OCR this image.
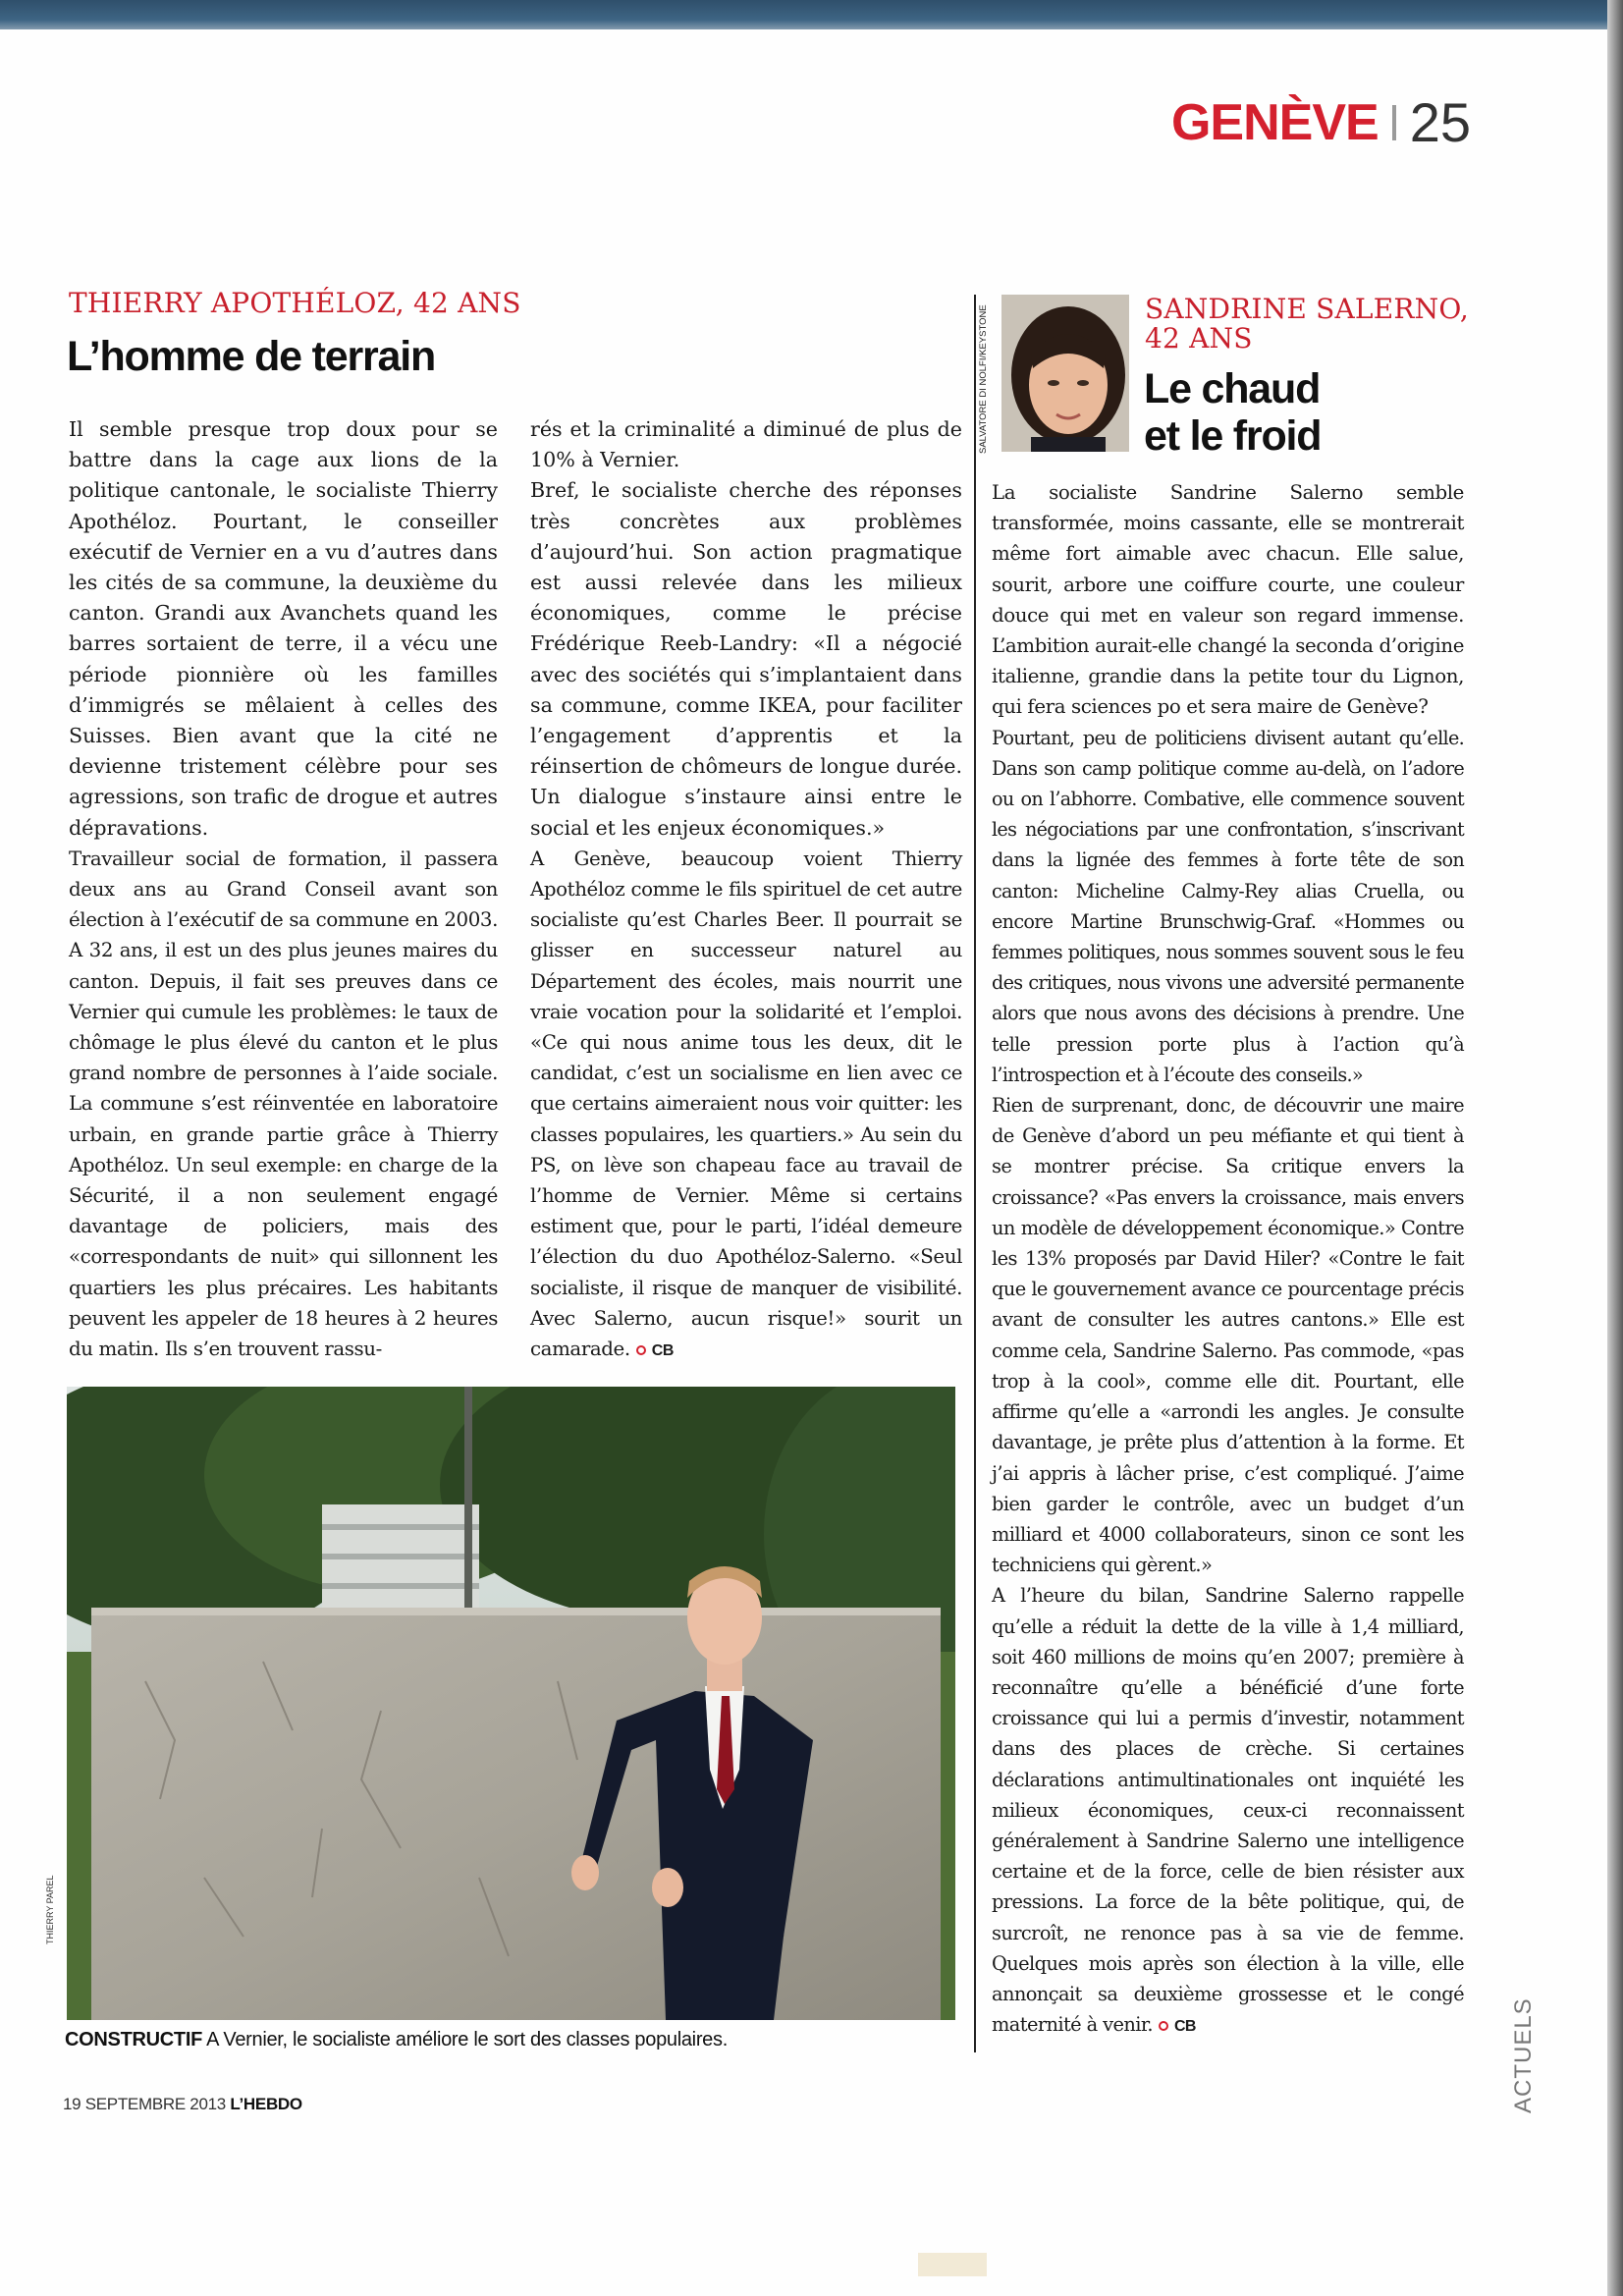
GENÈVE 25
THIERRY APOTHÉLOZ, 42 ANS
L’homme de terrain

Il semble presque trop doux pour se battre dans la cage aux lions de la politique cantonale, le socialiste Thierry Apothéloz. Pourtant, le conseiller exécutif de Vernier en a vu d’autres dans les cités de sa commune, la deuxième du canton. Grandi aux Avanchets quand les barres sortaient de terre, il a vécu une période pionnière où les familles d’immigrés se mêlaient à celles des Suisses. Bien avant que la cité ne devienne tristement célèbre pour ses agressions, son trafic de drogue et autres dépravations.

Travailleur social de formation, il passera deux ans au Grand Conseil avant son élection à l’exécutif de sa commune en 2003. A 32 ans, il est un des plus jeunes maires du canton. Depuis, il fait ses preuves dans ce Vernier qui cumule les problèmes: le taux de chômage le plus élevé du canton et le plus grand nombre de personnes à l’aide sociale. La commune s’est réinventée en laboratoire urbain, en grande partie grâce à Thierry Apothéloz. Un seul exemple: en charge de la Sécurité, il a non seulement engagé davantage de policiers, mais des «correspondants de nuit» qui sillonnent les quartiers les plus précaires. Les habitants peuvent les appeler de 18 heures à 2 heures du matin. Ils s’en trouvent rassu-

rés et la criminalité a diminué de plus de 10% à Vernier.

Bref, le socialiste cherche des réponses très concrètes aux problèmes d’aujourd’hui. Son action pragmatique est aussi relevée dans les milieux économiques, comme le précise Frédérique Reeb-Landry: «Il a négocié avec des sociétés qui s’implantaient dans sa commune, comme IKEA, pour faciliter l’engagement d’apprentis et la réinsertion de chômeurs de longue durée. Un dialogue s’instaure ainsi entre le social et les enjeux économiques.»

A Genève, beaucoup voient Thierry Apothéloz comme le fils spirituel de cet autre socialiste qu’est Charles Beer. Il pourrait se glisser en successeur naturel au Département des écoles, mais nourrit une vraie vocation pour la solidarité et l’emploi. «Ce qui nous anime tous les deux, dit le candidat, c’est un socialisme en lien avec ce que certains aimeraient nous voir quitter: les classes populaires, les quartiers.» Au sein du PS, on lève son chapeau face au travail de l’homme de Vernier. Même si certains estiment que, pour le parti, l’idéal demeure l’élection du duo Apothéloz-Salerno. «Seul socialiste, il risque de manquer de visibilité. Avec Salerno, aucun risque!» sourit un camarade. CB

CONSTRUCTIF A Vernier, le socialiste améliore le sort des classes populaires.
SALVATORE DI NOLFI/KEYSTONE	SANDRINE SALERNO,
42 ANS
Le chaud
et le froid

La socialiste Sandrine Salerno semble transformée, moins cassante, elle se montrerait même fort aimable avec chacun. Elle salue, sourit, arbore une coiffure courte, une couleur douce qui met en valeur son regard immense. L’ambition aurait-elle changé la seconda d’origine italienne, grandie dans la petite tour du Lignon, qui fera sciences po et sera maire de Genève?

Pourtant, peu de politiciens divisent autant qu’elle. Dans son camp politique comme au-delà, on l’adore ou on l’abhorre. Combative, elle commence souvent les négociations par une confrontation, s’inscrivant dans la lignée des femmes à forte tête de son canton: Micheline Calmy-Rey alias Cruella, ou encore Martine Brunschwig-Graf. «Hommes ou femmes politiques, nous sommes souvent sous le feu des critiques, nous vivons une adversité permanente alors que nous avons des décisions à prendre. Une telle pression porte plus à l’action qu’à l’introspection et à l’écoute des conseils.»

Rien de surprenant, donc, de découvrir une maire de Genève d’abord un peu méfiante et qui tient à se montrer précise. Sa critique envers la croissance? «Pas envers la croissance, mais envers un modèle de développement économique.» Contre les 13% proposés par David Hiler? «Contre le fait que le gouvernement avance ce pourcentage précis avant de consulter les autres cantons.» Elle est comme cela, Sandrine Salerno. Pas commode, «pas trop à la cool», comme elle dit. Pourtant, elle affirme qu’elle a «arrondi les angles. Je consulte davantage, je prête plus d’attention à la forme. Et j’ai appris à lâcher prise, c’est compliqué. J’aime bien garder le contrôle, avec un budget d’un milliard et 4000 collaborateurs, sinon ce sont les techniciens qui gèrent.»

A l’heure du bilan, Sandrine Salerno rappelle qu’elle a réduit la dette de la ville à 1,4 milliard, soit 460 millions de moins qu’en 2007; première à reconnaître qu’elle a bénéficié d’une forte croissance qui lui a permis d’investir, notamment dans des places de crèche. Si certaines déclarations antimultinationales ont inquiété les milieux économiques, ceux-ci reconnaissent généralement à Sandrine Salerno une intelligence certaine et de la force, celle de bien résister aux pressions. La force de la bête politique, qui, de surcroît, ne renonce pas à sa vie de femme. Quelques mois après son élection à la ville, elle annonçait sa deuxième grossesse et le congé maternité à venir. CB

19 SEPTEMBRE 2013 L’HEBDO	ACTUELS
